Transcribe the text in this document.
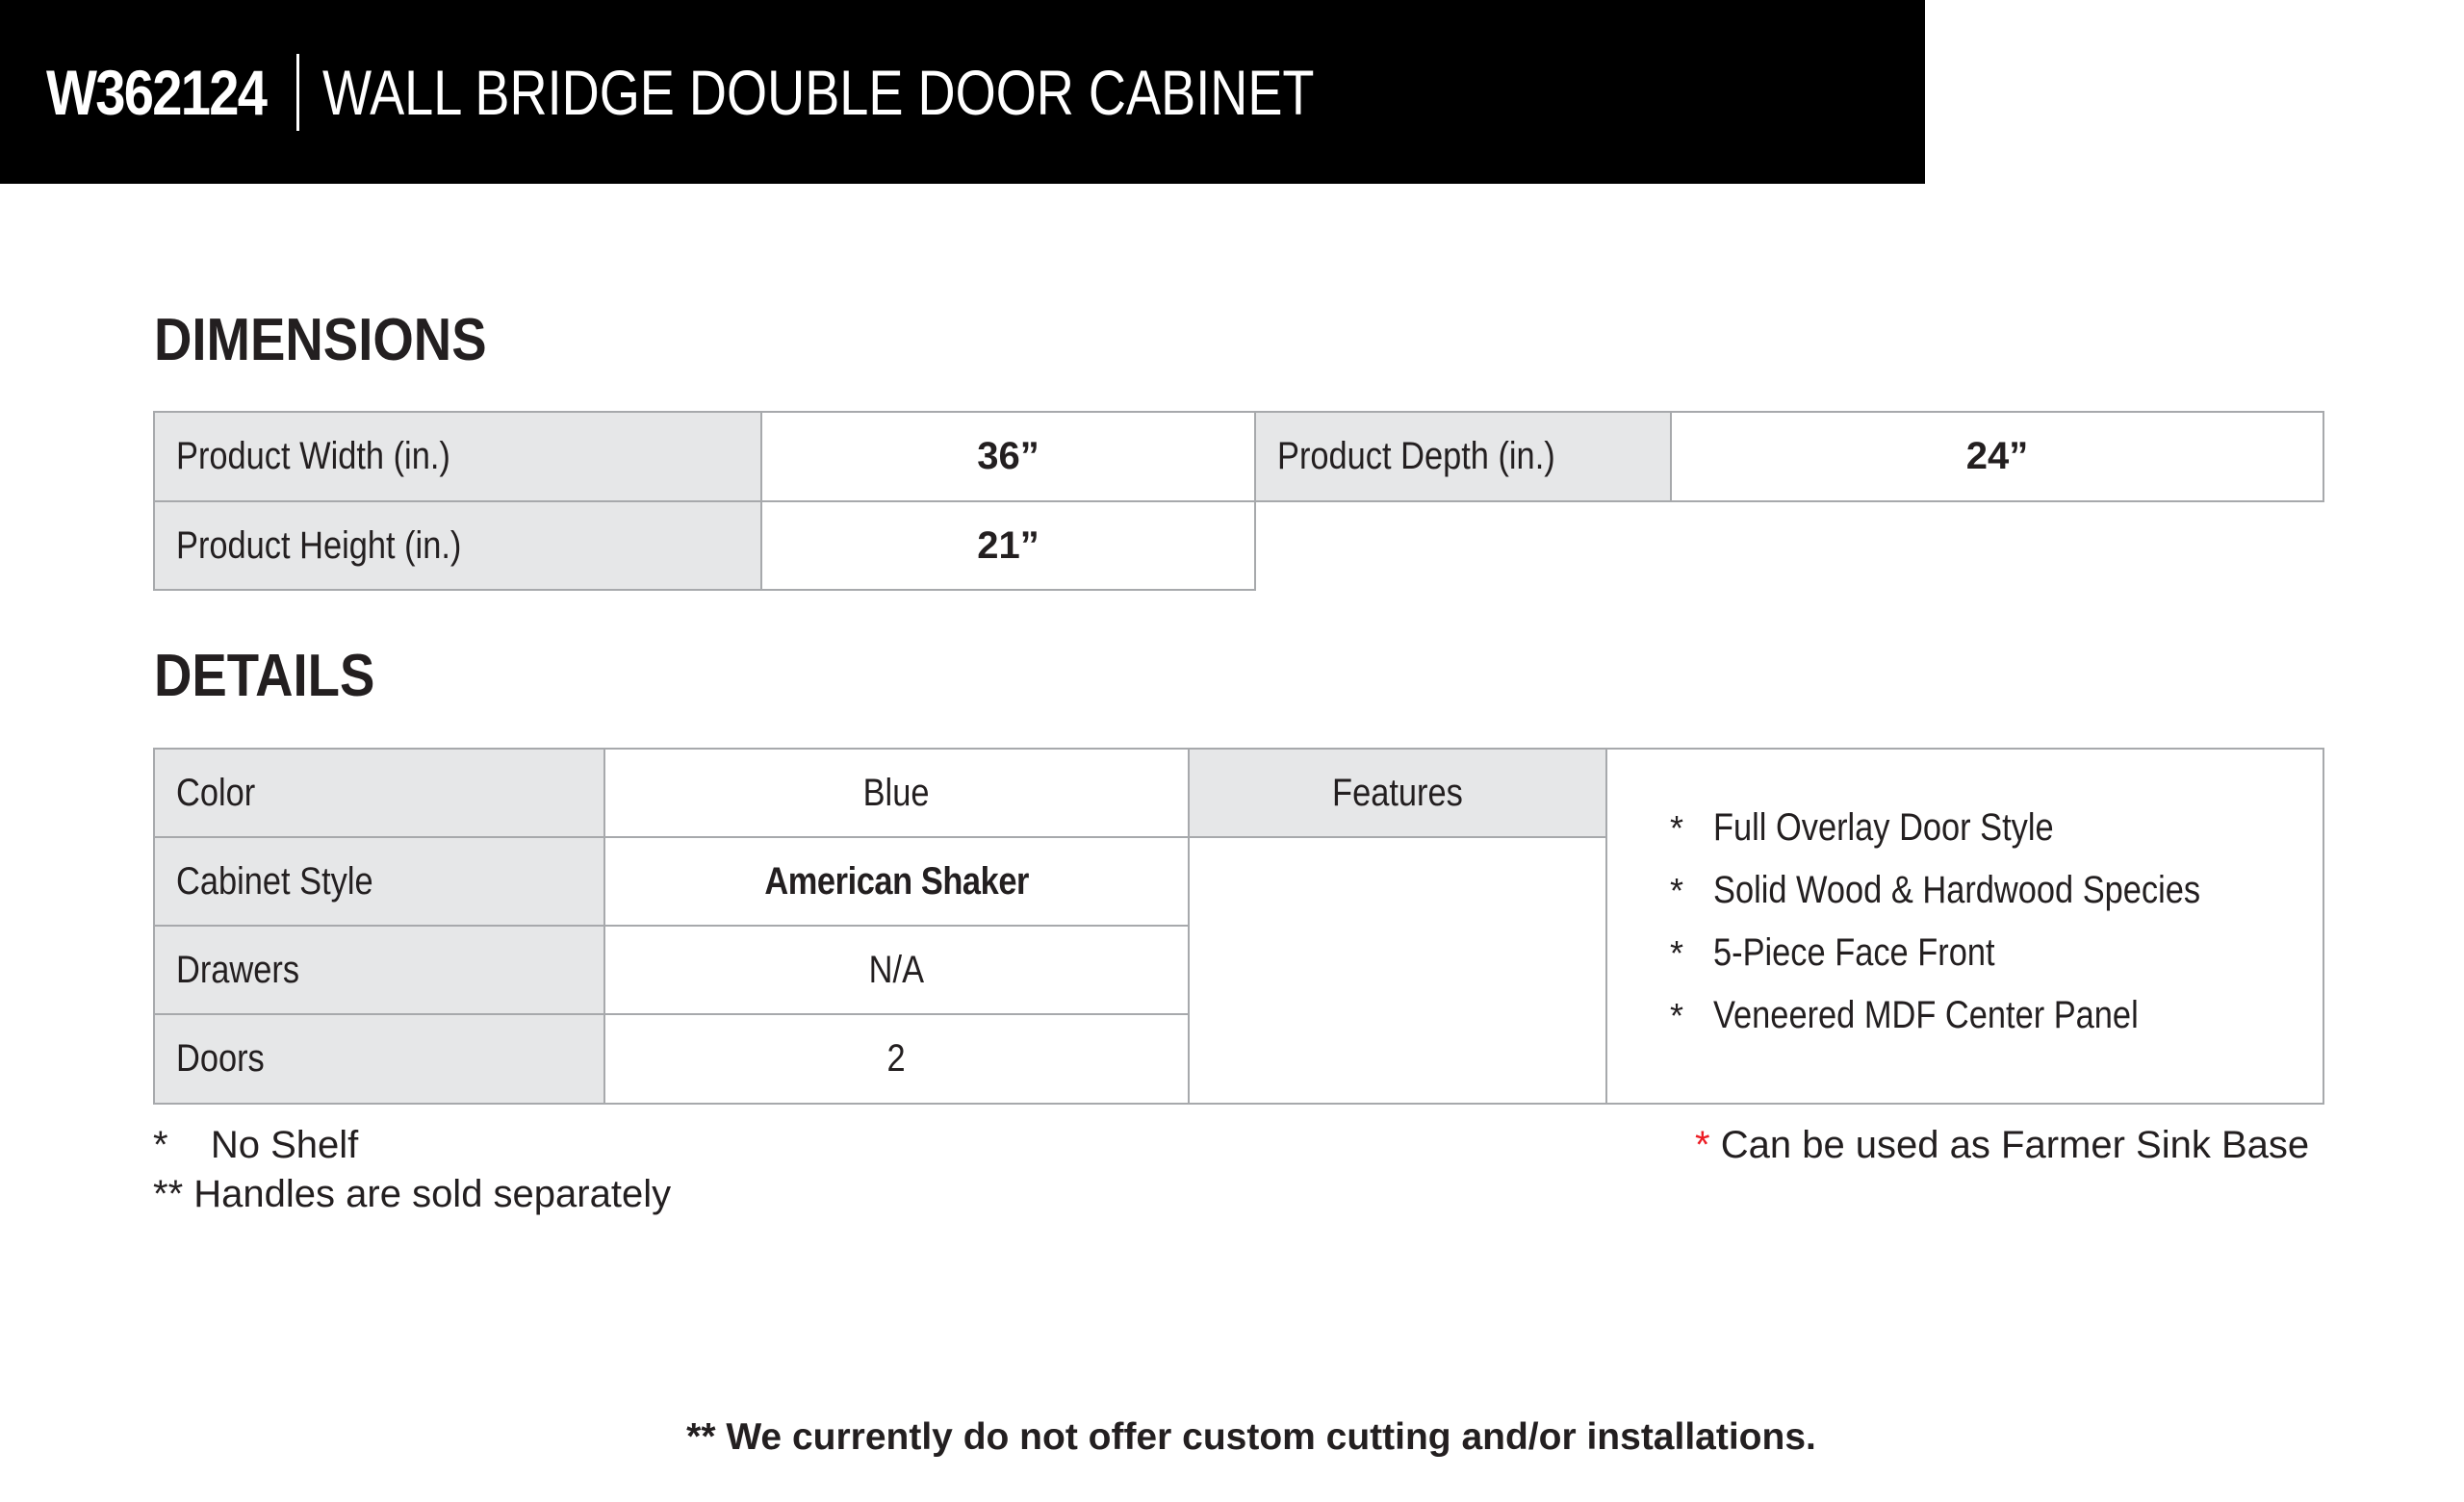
W362124 WALL BRIDGE DOUBLE DOOR CABINET
DIMENSIONS
Product Width (in.)	36”	Product Depth (in.)	24”
Product Height (in.)	21”
DETAILS
Color	Blue
Cabinet Style	American Shaker
Drawers	N/A
Doors	2
Features
* Full Overlay Door Style
* Solid Wood & Hardwood Species
* 5-Piece Face Front
* Veneered MDF Center Panel
* No Shelf
** Handles are sold separately
* Can be used as Farmer Sink Base
** We currently do not offer custom cutting and/or installations.
